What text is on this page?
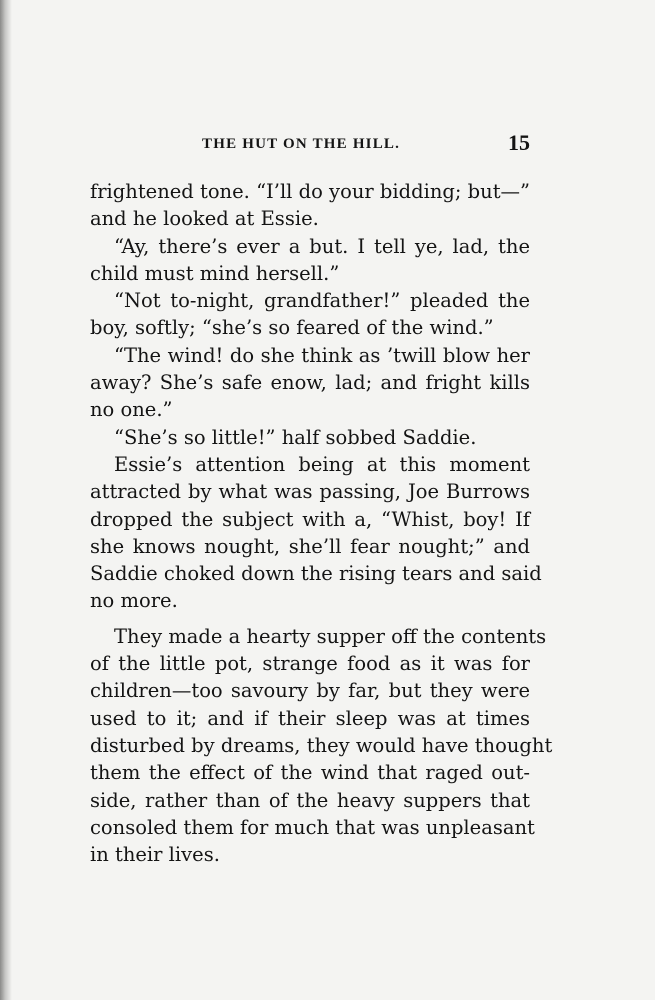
THE HUT ON THE HILL.	15
frightened tone. “I’ll do your bidding; but—”
and he looked at Essie.
“Ay, there’s ever a but. I tell ye, lad, the
child must mind hersell.”
“Not to-night, grandfather!” pleaded the
boy, softly; “she’s so feared of the wind.”
“The wind! do she think as ’twill blow her
away? She’s safe enow, lad; and fright kills
no one.”
“She’s so little!” half sobbed Saddie.
Essie’s attention being at this moment
attracted by what was passing, Joe Burrows
dropped the subject with a, “Whist, boy! If
she knows nought, she’ll fear nought;” and
Saddie choked down the rising tears and said
no more.
They made a hearty supper off the contents
of the little pot, strange food as it was for
children—too savoury by far, but they were
used to it; and if their sleep was at times
disturbed by dreams, they would have thought
them the effect of the wind that raged out-
side, rather than of the heavy suppers that
consoled them for much that was unpleasant
in their lives.
